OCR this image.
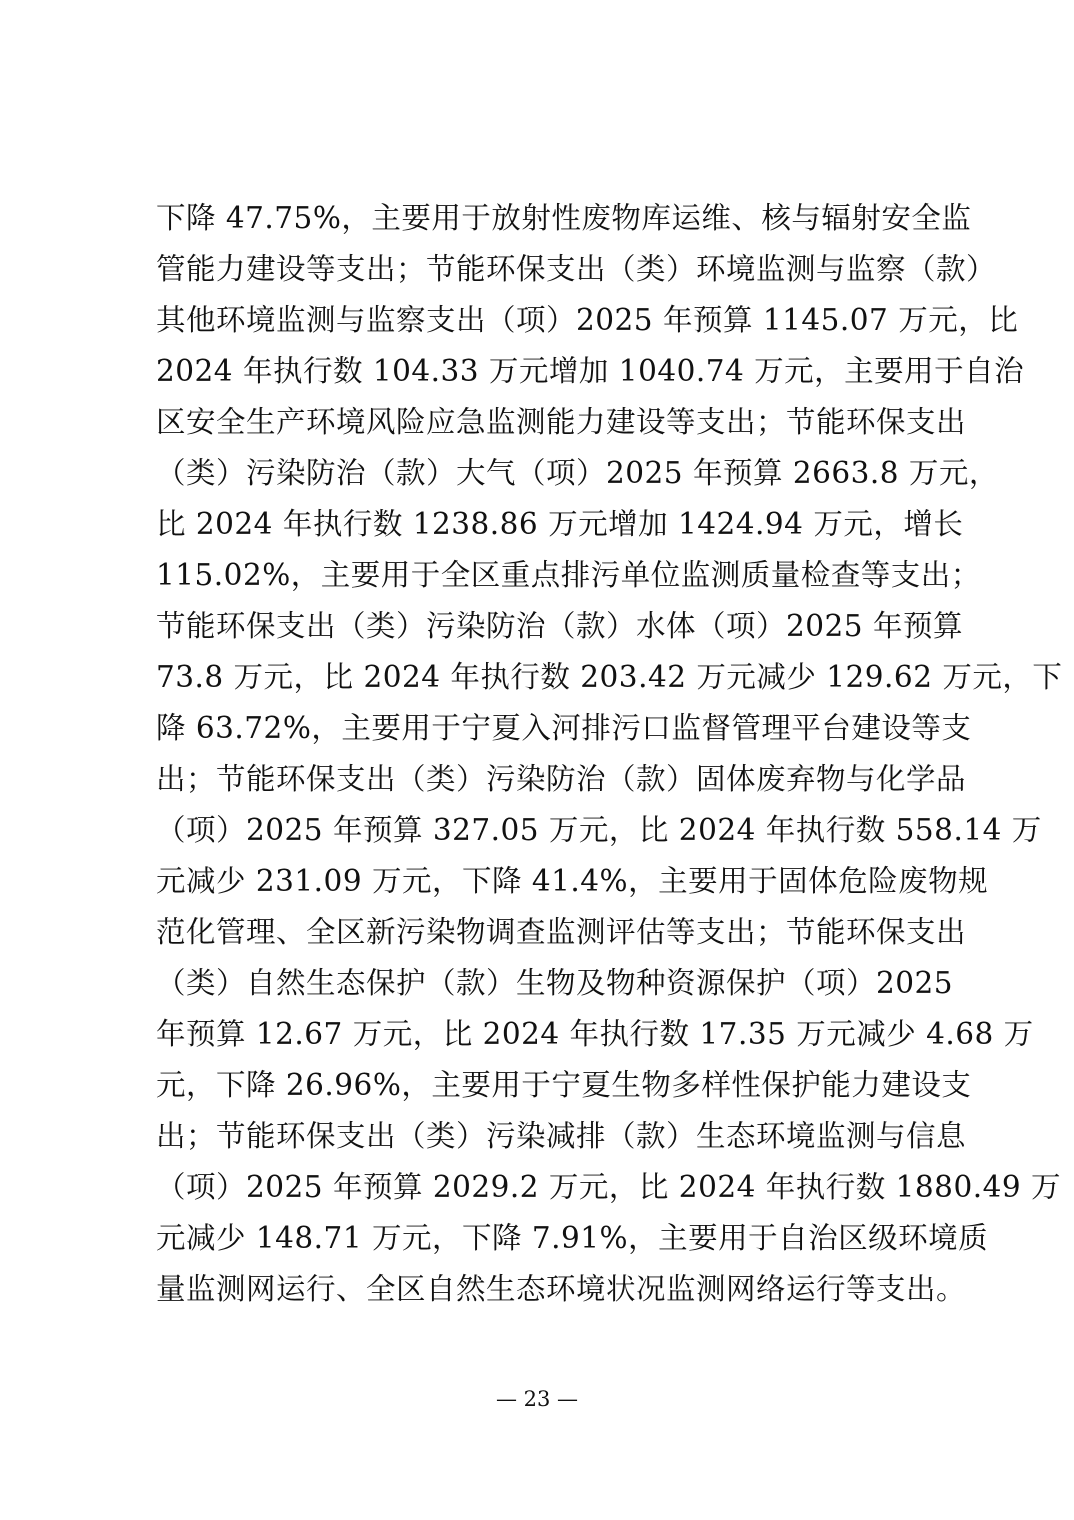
下降 47.75%，主要用于放射性废物库运维、核与辐射安全监
管能力建设等支出；节能环保支出（类）环境监测与监察（款）
其他环境监测与监察支出（项）2025 年预算 1145.07 万元，比
2024 年执行数 104.33 万元增加 1040.74 万元，主要用于自治
区安全生产环境风险应急监测能力建设等支出；节能环保支出
（类）污染防治（款）大气（项）2025 年预算 2663.8 万元，
比 2024 年执行数 1238.86 万元增加 1424.94 万元，增长
115.02%，主要用于全区重点排污单位监测质量检查等支出；
节能环保支出（类）污染防治（款）水体（项）2025 年预算
73.8 万元，比 2024 年执行数 203.42 万元减少 129.62 万元，下
降 63.72%，主要用于宁夏入河排污口监督管理平台建设等支
出；节能环保支出（类）污染防治（款）固体废弃物与化学品
（项）2025 年预算 327.05 万元，比 2024 年执行数 558.14 万
元减少 231.09 万元，下降 41.4%，主要用于固体危险废物规
范化管理、全区新污染物调查监测评估等支出；节能环保支出
（类）自然生态保护（款）生物及物种资源保护（项）2025
年预算 12.67 万元，比 2024 年执行数 17.35 万元减少 4.68 万
元，下降 26.96%，主要用于宁夏生物多样性保护能力建设支
出；节能环保支出（类）污染减排（款）生态环境监测与信息
（项）2025 年预算 2029.2 万元，比 2024 年执行数 1880.49 万
元减少 148.71 万元，下降 7.91%，主要用于自治区级环境质
量监测网运行、全区自然生态环境状况监测网络运行等支出。
— 23 —
